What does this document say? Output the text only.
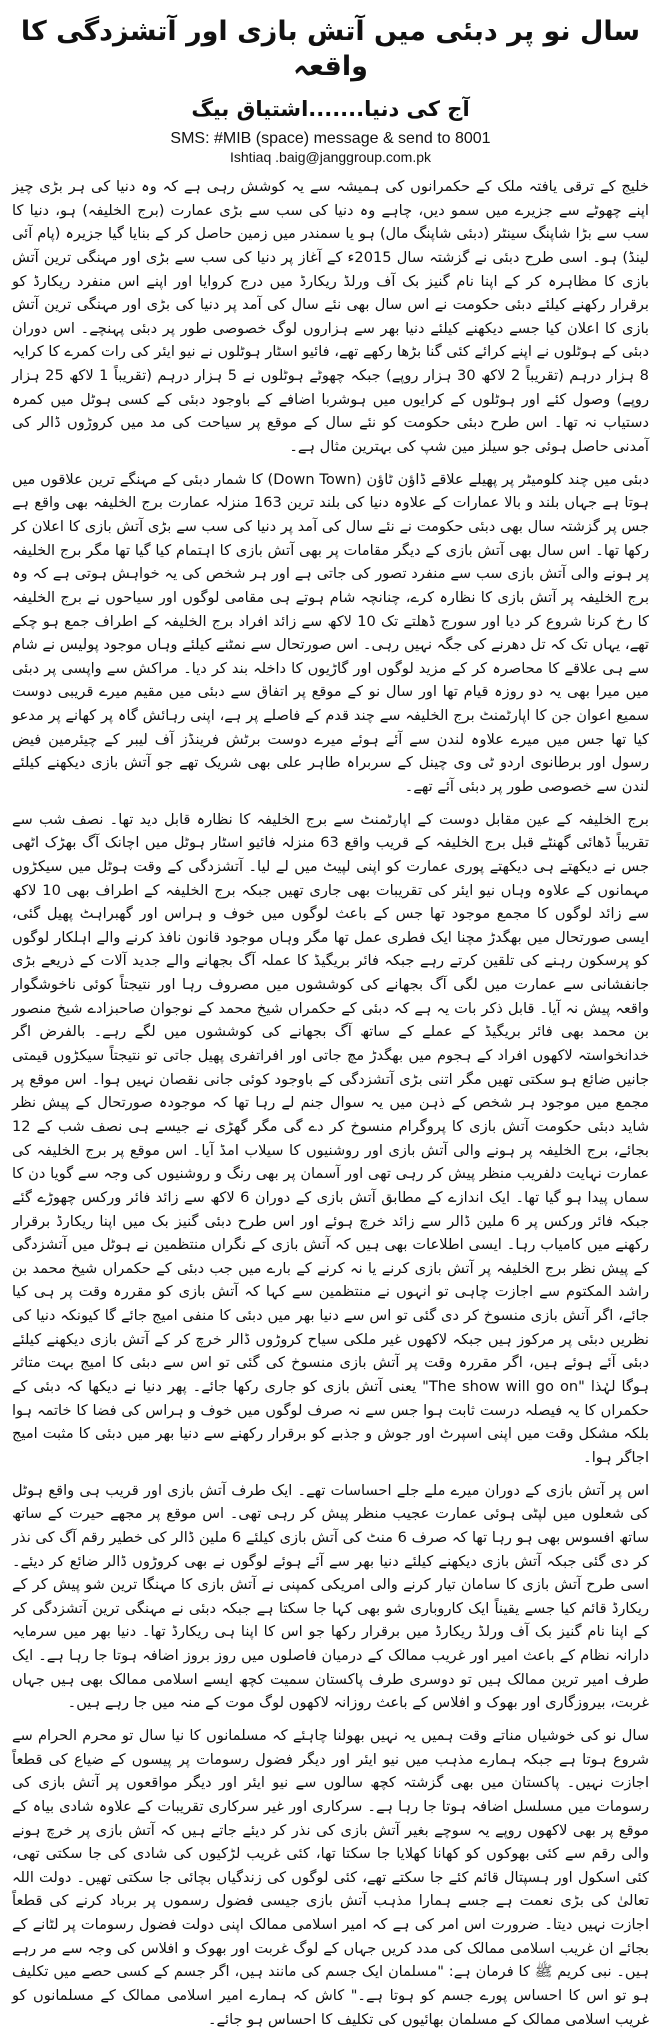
سال نو پر دبئی میں آتش بازی اور آتشزدگی کا واقعہ
آج کی دنیا.......اشتیاق بیگ
SMS: #MIB (space) message & send to 8001
Ishtiaq .baig@janggroup.com.pk

خلیج کے ترقی یافتہ ملک کے حکمرانوں کی ہمیشہ سے یہ کوشش رہی ہے کہ وہ دنیا کی ہر بڑی چیز اپنے چھوٹے سے جزیرے میں سمو دیں، چاہے وہ دنیا کی سب سے بڑی عمارت (برج الخلیفہ) ہو، دنیا کا سب سے بڑا شاپنگ سینٹر (دبئی شاپنگ مال) ہو یا سمندر میں زمین حاصل کر کے بنایا گیا جزیرہ (پام آئی لینڈ) ہو۔ اسی طرح دبئی نے گزشتہ سال 2015ء کے آغاز پر دنیا کی سب سے بڑی اور مہنگی ترین آتش بازی کا مظاہرہ کر کے اپنا نام گنیز بک آف ورلڈ ریکارڈ میں درج کروایا اور اپنے اس منفرد ریکارڈ کو برقرار رکھنے کیلئے دبئی حکومت نے اس سال بھی نئے سال کی آمد پر دنیا کی بڑی اور مہنگی ترین آتش بازی کا اعلان کیا جسے دیکھنے کیلئے دنیا بھر سے ہزاروں لوگ خصوصی طور پر دبئی پہنچے۔ اس دوران دبئی کے ہوٹلوں نے اپنے کرائے کئی گنا بڑھا رکھے تھے، فائیو اسٹار ہوٹلوں نے نیو ایئر کی رات کمرے کا کرایہ 8 ہزار درہم (تقریباً 2 لاکھ 30 ہزار روپے) جبکہ چھوٹے ہوٹلوں نے 5 ہزار درہم (تقریباً 1 لاکھ 25 ہزار روپے) وصول کئے اور ہوٹلوں کے کرایوں میں ہوشربا اضافے کے باوجود دبئی کے کسی ہوٹل میں کمرہ دستیاب نہ تھا۔ اس طرح دبئی حکومت کو نئے سال کے موقع پر سیاحت کی مد میں کروڑوں ڈالر کی آمدنی حاصل ہوئی جو سیلز مین شپ کی بہترین مثال ہے۔

دبئی میں چند کلومیٹر پر پھیلے علاقے ڈاؤن ٹاؤن (Down Town) کا شمار دبئی کے مہنگے ترین علاقوں میں ہوتا ہے جہاں بلند و بالا عمارات کے علاوہ دنیا کی بلند ترین 163 منزلہ عمارت برج الخلیفہ بھی واقع ہے جس پر گزشتہ سال بھی دبئی حکومت نے نئے سال کی آمد پر دنیا کی سب سے بڑی آتش بازی کا اعلان کر رکھا تھا۔ اس سال بھی آتش بازی کے دیگر مقامات پر بھی آتش بازی کا اہتمام کیا گیا تھا مگر برج الخلیفہ پر ہونے والی آتش بازی سب سے منفرد تصور کی جاتی ہے اور ہر شخص کی یہ خواہش ہوتی ہے کہ وہ برج الخلیفہ پر آتش بازی کا نظارہ کرے، چنانچہ شام ہوتے ہی مقامی لوگوں اور سیاحوں نے برج الخلیفہ کا رخ کرنا شروع کر دیا اور سورج ڈھلتے تک 10 لاکھ سے زائد افراد برج الخلیفہ کے اطراف جمع ہو چکے تھے، یہاں تک کہ تل دھرنے کی جگہ نہیں رہی۔ اس صورتحال سے نمٹنے کیلئے وہاں موجود پولیس نے شام سے ہی علاقے کا محاصرہ کر کے مزید لوگوں اور گاڑیوں کا داخلہ بند کر دیا۔ مراکش سے واپسی پر دبئی میں میرا بھی یہ دو روزہ قیام تھا اور سال نو کے موقع پر اتفاق سے دبئی میں مقیم میرے قریبی دوست سمیع اعوان جن کا اپارٹمنٹ برج الخلیفہ سے چند قدم کے فاصلے پر ہے، اپنی رہائش گاہ پر کھانے پر مدعو کیا تھا جس میں میرے علاوہ لندن سے آئے ہوئے میرے دوست برٹش فرینڈز آف لیبر کے چیئرمین فیض رسول اور برطانوی اردو ٹی وی چینل کے سربراہ طاہر علی بھی شریک تھے جو آتش بازی دیکھنے کیلئے لندن سے خصوصی طور پر دبئی آئے تھے۔

برج الخلیفہ کے عین مقابل دوست کے اپارٹمنٹ سے برج الخلیفہ کا نظارہ قابل دید تھا۔ نصف شب سے تقریباً ڈھائی گھنٹے قبل برج الخلیفہ کے قریب واقع 63 منزلہ فائیو اسٹار ہوٹل میں اچانک آگ بھڑک اٹھی جس نے دیکھتے ہی دیکھتے پوری عمارت کو اپنی لپیٹ میں لے لیا۔ آتشزدگی کے وقت ہوٹل میں سیکڑوں مہمانوں کے علاوہ وہاں نیو ایئر کی تقریبات بھی جاری تھیں جبکہ برج الخلیفہ کے اطراف بھی 10 لاکھ سے زائد لوگوں کا مجمع موجود تھا جس کے باعث لوگوں میں خوف و ہراس اور گھبراہٹ پھیل گئی، ایسی صورتحال میں بھگدڑ مچنا ایک فطری عمل تھا مگر وہاں موجود قانون نافذ کرنے والے اہلکار لوگوں کو پرسکون رہنے کی تلقین کرتے رہے جبکہ فائر بریگیڈ کا عملہ آگ بجھانے والے جدید آلات کے ذریعے بڑی جانفشانی سے عمارت میں لگی آگ بجھانے کی کوششوں میں مصروف رہا اور نتیجتاً کوئی ناخوشگوار واقعہ پیش نہ آیا۔ قابل ذکر بات یہ ہے کہ دبئی کے حکمراں شیخ محمد کے نوجوان صاحبزادے شیخ منصور بن محمد بھی فائر بریگیڈ کے عملے کے ساتھ آگ بجھانے کی کوششوں میں لگے رہے۔ بالفرض اگر خدانخواستہ لاکھوں افراد کے ہجوم میں بھگدڑ مچ جاتی اور افراتفری پھیل جاتی تو نتیجتاً سیکڑوں قیمتی جانیں ضائع ہو سکتی تھیں مگر اتنی بڑی آتشزدگی کے باوجود کوئی جانی نقصان نہیں ہوا۔ اس موقع پر مجمع میں موجود ہر شخص کے ذہن میں یہ سوال جنم لے رہا تھا کہ موجودہ صورتحال کے پیش نظر شاید دبئی حکومت آتش بازی کا پروگرام منسوخ کر دے گی مگر گھڑی نے جیسے ہی نصف شب کے 12 بجائے، برج الخلیفہ پر ہونے والی آتش بازی اور روشنیوں کا سیلاب امڈ آیا۔ اس موقع پر برج الخلیفہ کی عمارت نہایت دلفریب منظر پیش کر رہی تھی اور آسمان پر بھی رنگ و روشنیوں کی وجہ سے گویا دن کا سماں پیدا ہو گیا تھا۔ ایک اندازے کے مطابق آتش بازی کے دوران 6 لاکھ سے زائد فائر ورکس چھوڑے گئے جبکہ فائر ورکس پر 6 ملین ڈالر سے زائد خرچ ہوئے اور اس طرح دبئی گنیز بک میں اپنا ریکارڈ برقرار رکھنے میں کامیاب رہا۔ ایسی اطلاعات بھی ہیں کہ آتش بازی کے نگراں منتظمین نے ہوٹل میں آتشزدگی کے پیش نظر برج الخلیفہ پر آتش بازی کرنے یا نہ کرنے کے بارے میں جب دبئی کے حکمراں شیخ محمد بن راشد المکتوم سے اجازت چاہی تو انہوں نے منتظمین سے کہا کہ آتش بازی کو مقررہ وقت پر ہی کیا جائے، اگر آتش بازی منسوخ کر دی گئی تو اس سے دنیا بھر میں دبئی کا منفی امیج جائے گا کیونکہ دنیا کی نظریں دبئی پر مرکوز ہیں جبکہ لاکھوں غیر ملکی سیاح کروڑوں ڈالر خرچ کر کے آتش بازی دیکھنے کیلئے دبئی آئے ہوئے ہیں، اگر مقررہ وقت پر آتش بازی منسوخ کی گئی تو اس سے دبئی کا امیج بہت متاثر ہوگا لہٰذا "The show will go on" یعنی آتش بازی کو جاری رکھا جائے۔ پھر دنیا نے دیکھا کہ دبئی کے حکمراں کا یہ فیصلہ درست ثابت ہوا جس سے نہ صرف لوگوں میں خوف و ہراس کی فضا کا خاتمہ ہوا بلکہ مشکل وقت میں اپنی اسپرٹ اور جوش و جذبے کو برقرار رکھنے سے دنیا بھر میں دبئی کا مثبت امیج اجاگر ہوا۔

اس پر آتش بازی کے دوران میرے ملے جلے احساسات تھے۔ ایک طرف آتش بازی اور قریب ہی واقع ہوٹل کی شعلوں میں لپٹی ہوئی عمارت عجیب منظر پیش کر رہی تھی۔ اس موقع پر مجھے حیرت کے ساتھ ساتھ افسوس بھی ہو رہا تھا کہ صرف 6 منٹ کی آتش بازی کیلئے 6 ملین ڈالر کی خطیر رقم آگ کی نذر کر دی گئی جبکہ آتش بازی دیکھنے کیلئے دنیا بھر سے آئے ہوئے لوگوں نے بھی کروڑوں ڈالر ضائع کر دیئے۔ اسی طرح آتش بازی کا سامان تیار کرنے والی امریکی کمپنی نے آتش بازی کا مہنگا ترین شو پیش کر کے ریکارڈ قائم کیا جسے یقیناً ایک کاروباری شو بھی کہا جا سکتا ہے جبکہ دبئی نے مہنگی ترین آتشزدگی کر کے اپنا نام گنیز بک آف ورلڈ ریکارڈ میں برقرار رکھا جو اس کا اپنا ہی ریکارڈ تھا۔ دنیا بھر میں سرمایہ دارانہ نظام کے باعث امیر اور غریب ممالک کے درمیان فاصلوں میں روز بروز اضافہ ہوتا جا رہا ہے۔ ایک طرف امیر ترین ممالک ہیں تو دوسری طرف پاکستان سمیت کچھ ایسے اسلامی ممالک بھی ہیں جہاں غربت، بیروزگاری اور بھوک و افلاس کے باعث روزانہ لاکھوں لوگ موت کے منہ میں جا رہے ہیں۔

سال نو کی خوشیاں مناتے وقت ہمیں یہ نہیں بھولنا چاہئے کہ مسلمانوں کا نیا سال تو محرم الحرام سے شروع ہوتا ہے جبکہ ہمارے مذہب میں نیو ایئر اور دیگر فضول رسومات پر پیسوں کے ضیاع کی قطعاً اجازت نہیں۔ پاکستان میں بھی گزشتہ کچھ سالوں سے نیو ایئر اور دیگر مواقعوں پر آتش بازی کی رسومات میں مسلسل اضافہ ہوتا جا رہا ہے۔ سرکاری اور غیر سرکاری تقریبات کے علاوہ شادی بیاہ کے موقع پر بھی لاکھوں روپے یہ سوچے بغیر آتش بازی کی نذر کر دیئے جاتے ہیں کہ آتش بازی پر خرچ ہونے والی رقم سے کئی بھوکوں کو کھانا کھلایا جا سکتا تھا، کئی غریب لڑکیوں کی شادی کی جا سکتی تھی، کئی اسکول اور ہسپتال قائم کئے جا سکتے تھے، کئی لوگوں کی زندگیاں بچائی جا سکتی تھیں۔ دولت اللہ تعالیٰ کی بڑی نعمت ہے جسے ہمارا مذہب آتش بازی جیسی فضول رسموں پر برباد کرنے کی قطعاً اجازت نہیں دیتا۔ ضرورت اس امر کی ہے کہ امیر اسلامی ممالک اپنی دولت فضول رسومات پر لٹانے کے بجائے ان غریب اسلامی ممالک کی مدد کریں جہاں کے لوگ غربت اور بھوک و افلاس کی وجہ سے مر رہے ہیں۔ نبی کریم ﷺ کا فرمان ہے: "مسلمان ایک جسم کی مانند ہیں، اگر جسم کے کسی حصے میں تکلیف ہو تو اس کا احساس پورے جسم کو ہوتا ہے۔" کاش کہ ہمارے امیر اسلامی ممالک کے مسلمانوں کو غریب اسلامی ممالک کے مسلمان بھائیوں کی تکلیف کا احساس ہو جائے۔
